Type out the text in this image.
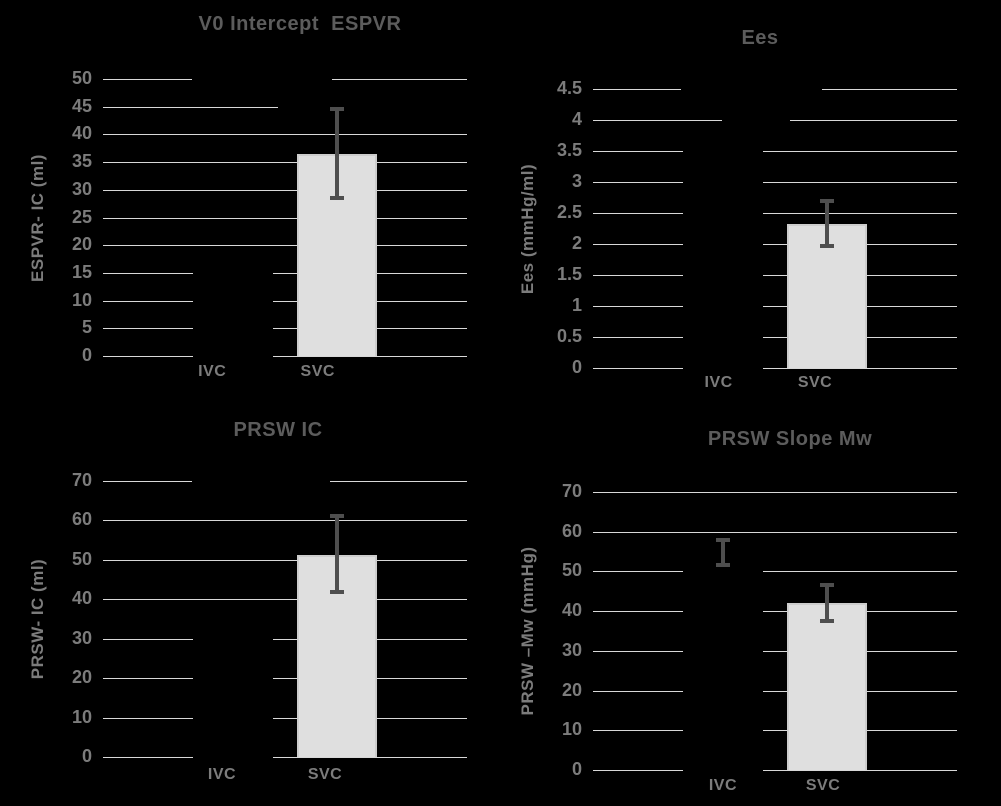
V0 Intercept  ESPVR
ESPVR- IC (ml)
0
5
10
15
20
25
30
35
40
45
50
IVC	SVC
Ees
Ees (mmHg/ml)
0
0.5
1
1.5
2
2.5
3
3.5
4
4.5
IVC	SVC
PRSW IC
PRSW- IC (ml)
0
10
20
30
40
50
60
70
IVC	SVC
PRSW Slope Mw
PRSW –Mw (mmHg)
0
10
20
30
40
50
60
70
IVC	SVC
